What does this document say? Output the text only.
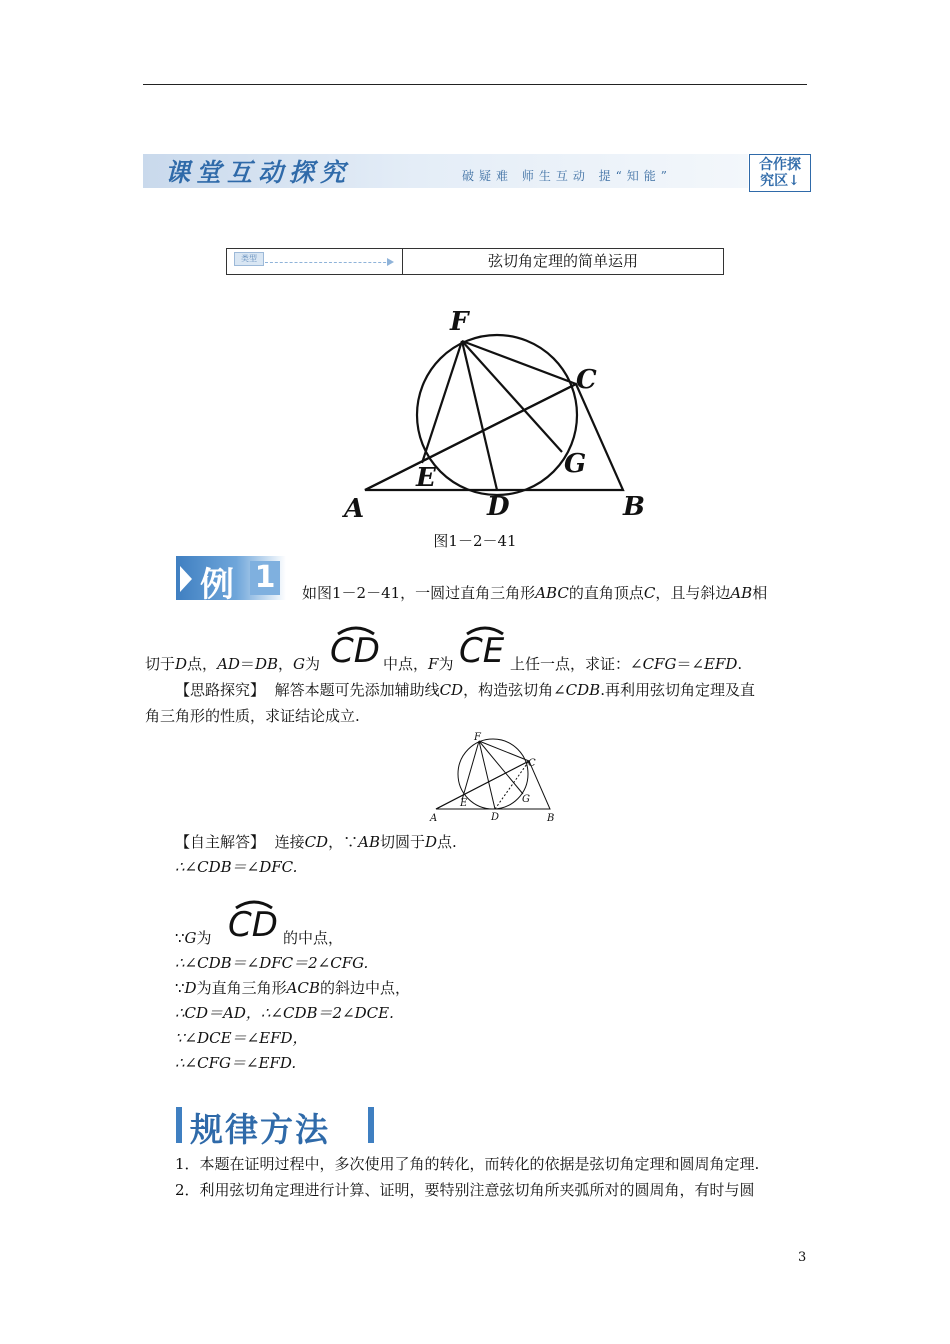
课堂互动探究	破疑难 师生互动 提“知能”
合作探
究区↓
类型	弦切角定理的简单运用
F
C
E	G
A	D	B
图1－2－41
例 1	如图1－2－41，一圆过直角三角形ABC的直角顶点C，且与斜边AB相
切于D点，AD＝DB，G为 CD 中点，F为 CE 上任一点，求证：∠CFG＝∠EFD.
【思路探究】 解答本题可先添加辅助线CD，构造弦切角∠CDB.再利用弦切角定理及直
角三角形的性质，求证结论成立.
F
C
E	G
A	D	B
【自主解答】 连接CD，∵AB切圆于D点.
∴∠CDB＝∠DFC.
∵G为 CD 的中点，
∴∠CDB＝∠DFC＝2∠CFG.
∵D为直角三角形ACB的斜边中点，
∴CD＝AD，∴∠CDB＝2∠DCE.
∵∠DCE＝∠EFD，
∴∠CFG＝∠EFD.
规律方法
1．本题在证明过程中，多次使用了角的转化，而转化的依据是弦切角定理和圆周角定理.
2．利用弦切角定理进行计算、证明，要特别注意弦切角所夹弧所对的圆周角，有时与圆
3
